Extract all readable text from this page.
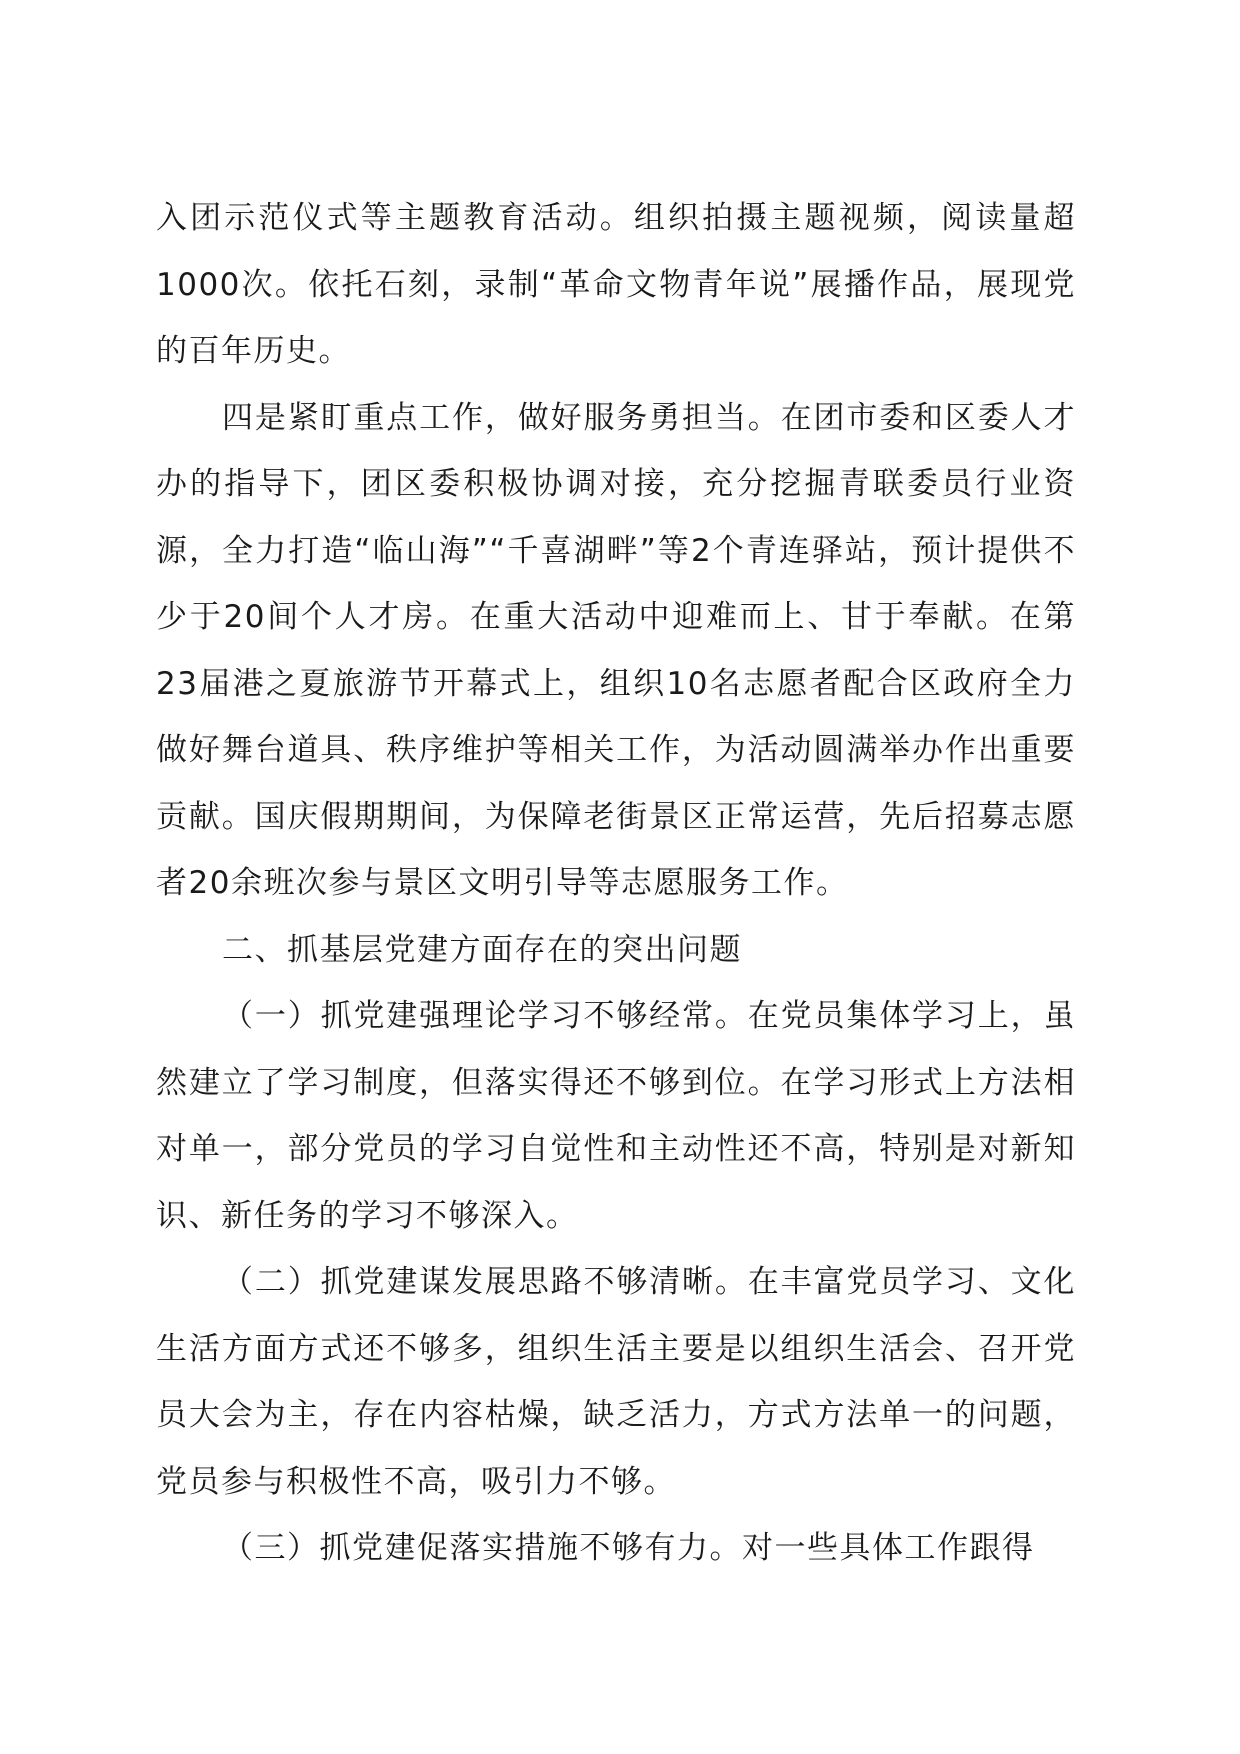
入团示范仪式等主题教育活动。组织拍摄主题视频，阅读量超1000次。依托石刻，录制“革命文物青年说”展播作品，展现党的百年历史。

四是紧盯重点工作，做好服务勇担当。在团市委和区委人才办的指导下，团区委积极协调对接，充分挖掘青联委员行业资源，全力打造“临山海”“千喜湖畔”等2个青连驿站，预计提供不少于20间个人才房。在重大活动中迎难而上、甘于奉献。在第23届港之夏旅游节开幕式上，组织10名志愿者配合区政府全力做好舞台道具、秩序维护等相关工作，为活动圆满举办作出重要贡献。国庆假期期间，为保障老街景区正常运营，先后招募志愿者20余班次参与景区文明引导等志愿服务工作。

二、抓基层党建方面存在的突出问题

（一）抓党建强理论学习不够经常。在党员集体学习上，虽然建立了学习制度，但落实得还不够到位。在学习形式上方法相对单一，部分党员的学习自觉性和主动性还不高，特别是对新知识、新任务的学习不够深入。

（二）抓党建谋发展思路不够清晰。在丰富党员学习、文化生活方面方式还不够多，组织生活主要是以组织生活会、召开党员大会为主，存在内容枯燥，缺乏活力，方式方法单一的问题，党员参与积极性不高，吸引力不够。

（三）抓党建促落实措施不够有力。对一些具体工作跟得
